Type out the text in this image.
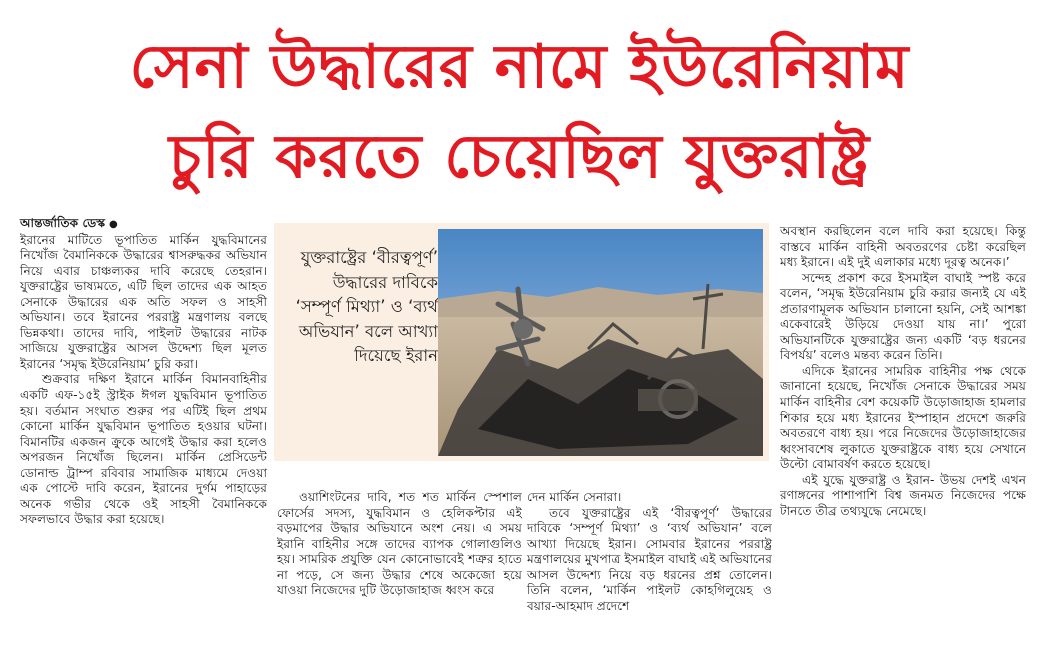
সেনা উদ্ধারের নামে ইউরেনিয়াম
চুরি করতে চেয়েছিল যুক্তরাষ্ট্র

আন্তর্জাতিক ডেস্ক ●

ইরানের মাটিতে ভূপাতিত মার্কিন যুদ্ধবিমানের নিখোঁজ বৈমানিককে উদ্ধারের শ্বাসরুদ্ধকর অভিযান নিয়ে এবার চাঞ্চল্যকর দাবি করেছে তেহরান। যুক্তরাষ্ট্রের ভাষ্যমতে, এটি ছিল তাদের এক আহত সেনাকে উদ্ধারের এক অতি সফল ও সাহসী অভিযান। তবে ইরানের পররাষ্ট্র মন্ত্রণালয় বলছে ভিন্নকথা। তাদের দাবি, পাইলট উদ্ধারের নাটক সাজিয়ে যুক্তরাষ্ট্রের আসল উদ্দেশ্য ছিল মূলত ইরানের ‘সমৃদ্ধ ইউরেনিয়াম’ চুরি করা।

শুক্রবার দক্ষিণ ইরানে মার্কিন বিমানবাহিনীর একটি এফ-১৫ই স্ট্রাইক ঈগল যুদ্ধবিমান ভূপাতিত হয়। বর্তমান সংঘাত শুরুর পর এটিই ছিল প্রথম কোনো মার্কিন যুদ্ধবিমান ভূপাতিত হওয়ার ঘটনা। বিমানটির একজন ক্রুকে আগেই উদ্ধার করা হলেও অপরজন নিখোঁজ ছিলেন। মার্কিন প্রেসিডেন্ট ডোনাল্ড ট্রাম্প রবিবার সামাজিক মাধ্যমে দেওয়া এক পোস্টে দাবি করেন, ইরানের দুর্গম পাহাড়ের অনেক গভীর থেকে ওই সাহসী বৈমানিককে সফলভাবে উদ্ধার করা হয়েছে।

যুক্তরাষ্ট্রের ‘বীরত্বপূর্ণ’ উদ্ধারের দাবিকে ‘সম্পূর্ণ মিথ্যা’ ও ‘ব্যর্থ অভিযান’ বলে আখ্যা দিয়েছে ইরান

ওয়াশিংটনের দাবি, শত শত মার্কিন স্পেশাল ফোর্সের সদস্য, যুদ্ধবিমান ও হেলিকপ্টার এই বড়মাপের উদ্ধার অভিযানে অংশ নেয়। এ সময় ইরানি বাহিনীর সঙ্গে তাদের ব্যাপক গোলাগুলিও হয়। সামরিক প্রযুক্তি যেন কোনোভাবেই শত্রুর হাতে না পড়ে, সে জন্য উদ্ধার শেষে অকেজো হয়ে যাওয়া নিজেদের দুটি উড়োজাহাজ ধ্বংস করে

দেন মার্কিন সেনারা।

তবে যুক্তরাষ্ট্রের এই ‘বীরত্বপূর্ণ’ উদ্ধারের দাবিকে ‘সম্পূর্ণ মিথ্যা’ ও ‘ব্যর্থ অভিযান’ বলে আখ্যা দিয়েছে ইরান। সোমবার ইরানের পররাষ্ট্র মন্ত্রণালয়ের মুখপাত্র ইসমাইল বাঘাই এই অভিযানের আসল উদ্দেশ্য নিয়ে বড় ধরনের প্রশ্ন তোলেন। তিনি বলেন, ‘মার্কিন পাইলট কোহগিলুয়েহ ও বয়ার-আহমাদ প্রদেশে

অবস্থান করছিলেন বলে দাবি করা হয়েছে। কিন্তু বাস্তবে মার্কিন বাহিনী অবতরণের চেষ্টা করেছিল মধ্য ইরানে। এই দুই এলাকার মধ্যে দূরত্ব অনেক।’

সন্দেহ প্রকাশ করে ইসমাইল বাঘাই স্পষ্ট করে বলেন, ‘সমৃদ্ধ ইউরেনিয়াম চুরি করার জন্যই যে এই প্রতারণামূলক অভিযান চালানো হয়নি, সেই আশঙ্কা একেবারেই উড়িয়ে দেওয়া যায় না।’ পুরো অভিযানটিকে যুক্তরাষ্ট্রের জন্য একটি ‘বড় ধরনের বিপর্যয়’ বলেও মন্তব্য করেন তিনি।

এদিকে ইরানের সামরিক বাহিনীর পক্ষ থেকে জানানো হয়েছে, নিখোঁজ সেনাকে উদ্ধারের সময় মার্কিন বাহিনীর বেশ কয়েকটি উড়োজাহাজ হামলার শিকার হয়ে মধ্য ইরানের ইস্পাহান প্রদেশে জরুরি অবতরণে বাধ্য হয়। পরে নিজেদের উড়োজাহাজের ধ্বংসাবশেষ লুকাতে যুক্তরাষ্ট্রকে বাধ্য হয়ে সেখানে উল্টো বোমাবর্ষণ করতে হয়েছে।

এই যুদ্ধে যুক্তরাষ্ট্র ও ইরান- উভয় দেশই এখন রণাঙ্গনের পাশাপাশি বিশ্ব জনমত নিজেদের পক্ষে টানতে তীব্র তথ্যযুদ্ধে নেমেছে।
